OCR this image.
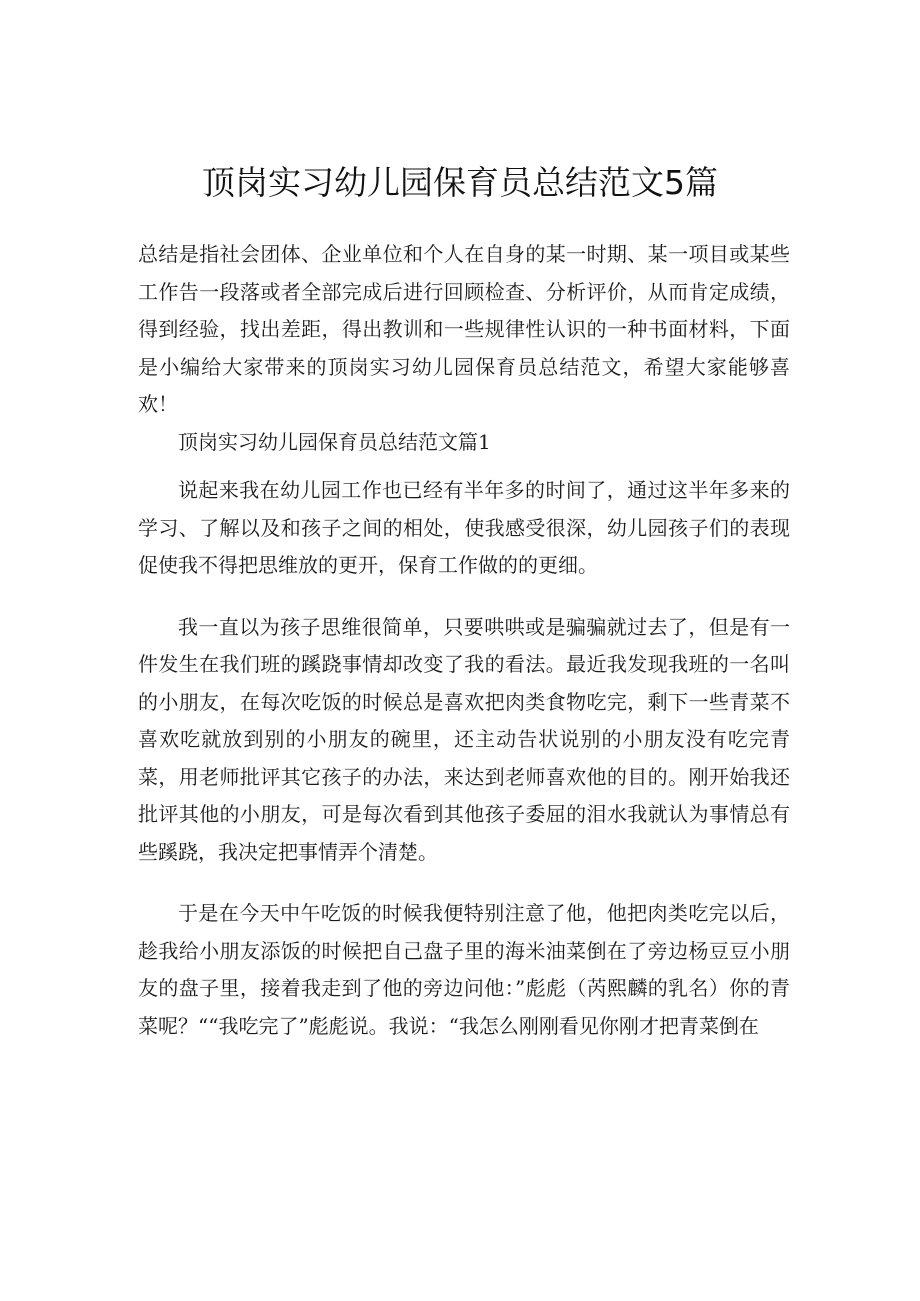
顶岗实习幼儿园保育员总结范文5篇

总结是指社会团体、企业单位和个人在自身的某一时期、某一项目或某些工作告一段落或者全部完成后进行回顾检查、分析评价，从而肯定成绩，得到经验，找出差距，得出教训和一些规律性认识的一种书面材料，下面是小编给大家带来的顶岗实习幼儿园保育员总结范文，希望大家能够喜欢！

顶岗实习幼儿园保育员总结范文篇1

说起来我在幼儿园工作也已经有半年多的时间了，通过这半年多来的学习、了解以及和孩子之间的相处，使我感受很深，幼儿园孩子们的表现促使我不得把思维放的更开，保育工作做的的更细。

我一直以为孩子思维很简单，只要哄哄或是骗骗就过去了，但是有一件发生在我们班的蹊跷事情却改变了我的看法。最近我发现我班的一名叫的小朋友，在每次吃饭的时候总是喜欢把肉类食物吃完，剩下一些青菜不喜欢吃就放到别的小朋友的碗里，还主动告状说别的小朋友没有吃完青菜，用老师批评其它孩子的办法，来达到老师喜欢他的目的。刚开始我还批评其他的小朋友，可是每次看到其他孩子委屈的泪水我就认为事情总有些蹊跷，我决定把事情弄个清楚。

于是在今天中午吃饭的时候我便特别注意了他，他把肉类吃完以后，趁我给小朋友添饭的时候把自己盘子里的海米油菜倒在了旁边杨豆豆小朋友的盘子里，接着我走到了他的旁边问他：”彪彪（芮熙麟的乳名）你的青菜呢？““我吃完了”彪彪说。我说：“我怎么刚刚看见你刚才把青菜倒在
